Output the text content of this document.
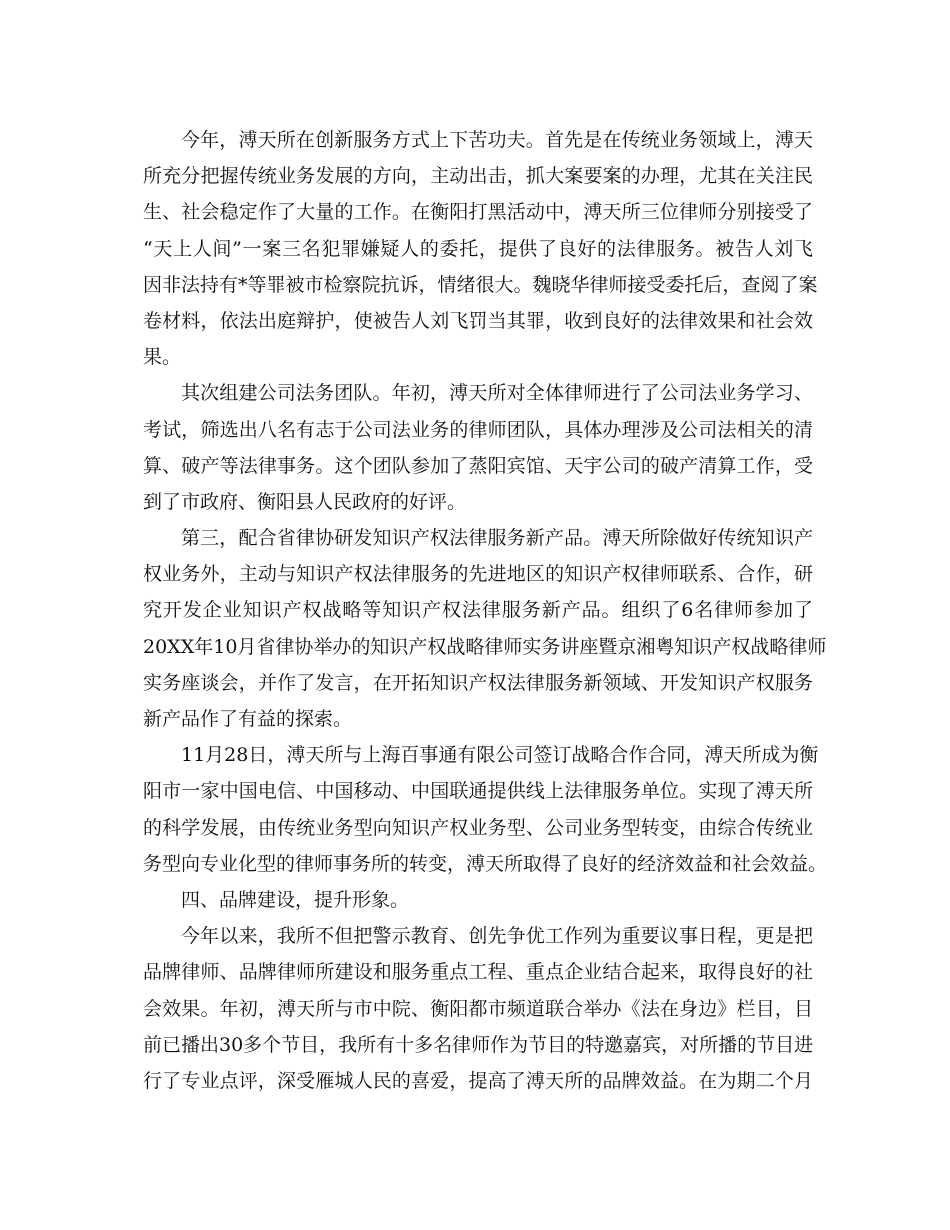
今年，溥天所在创新服务方式上下苦功夫。首先是在传统业务领域上，溥天
所充分把握传统业务发展的方向，主动出击，抓大案要案的办理，尤其在关注民
生、社会稳定作了大量的工作。在衡阳打黑活动中，溥天所三位律师分别接受了
“天上人间”一案三名犯罪嫌疑人的委托，提供了良好的法律服务。被告人刘飞
因非法持有*等罪被市检察院抗诉，情绪很大。魏晓华律师接受委托后，查阅了案
卷材料，依法出庭辩护，使被告人刘飞罚当其罪，收到良好的法律效果和社会效
果。
其次组建公司法务团队。年初，溥天所对全体律师进行了公司法业务学习、
考试，筛选出八名有志于公司法业务的律师团队，具体办理涉及公司法相关的清
算、破产等法律事务。这个团队参加了蒸阳宾馆、天宇公司的破产清算工作，受
到了市政府、衡阳县人民政府的好评。
第三，配合省律协研发知识产权法律服务新产品。溥天所除做好传统知识产
权业务外，主动与知识产权法律服务的先进地区的知识产权律师联系、合作，研
究开发企业知识产权战略等知识产权法律服务新产品。组织了6名律师参加了
20XX年10月省律协举办的知识产权战略律师实务讲座暨京湘粤知识产权战略律师
实务座谈会，并作了发言，在开拓知识产权法律服务新领域、开发知识产权服务
新产品作了有益的探索。
11月28日，溥天所与上海百事通有限公司签订战略合作合同，溥天所成为衡
阳市一家中国电信、中国移动、中国联通提供线上法律服务单位。实现了溥天所
的科学发展，由传统业务型向知识产权业务型、公司业务型转变，由综合传统业
务型向专业化型的律师事务所的转变，溥天所取得了良好的经济效益和社会效益。
四、品牌建设，提升形象。
今年以来，我所不但把警示教育、创先争优工作列为重要议事日程，更是把
品牌律师、品牌律师所建设和服务重点工程、重点企业结合起来，取得良好的社
会效果。年初，溥天所与市中院、衡阳都市频道联合举办《法在身边》栏目，目
前已播出30多个节目，我所有十多名律师作为节目的特邀嘉宾，对所播的节目进
行了专业点评，深受雁城人民的喜爱，提高了溥天所的品牌效益。在为期二个月
